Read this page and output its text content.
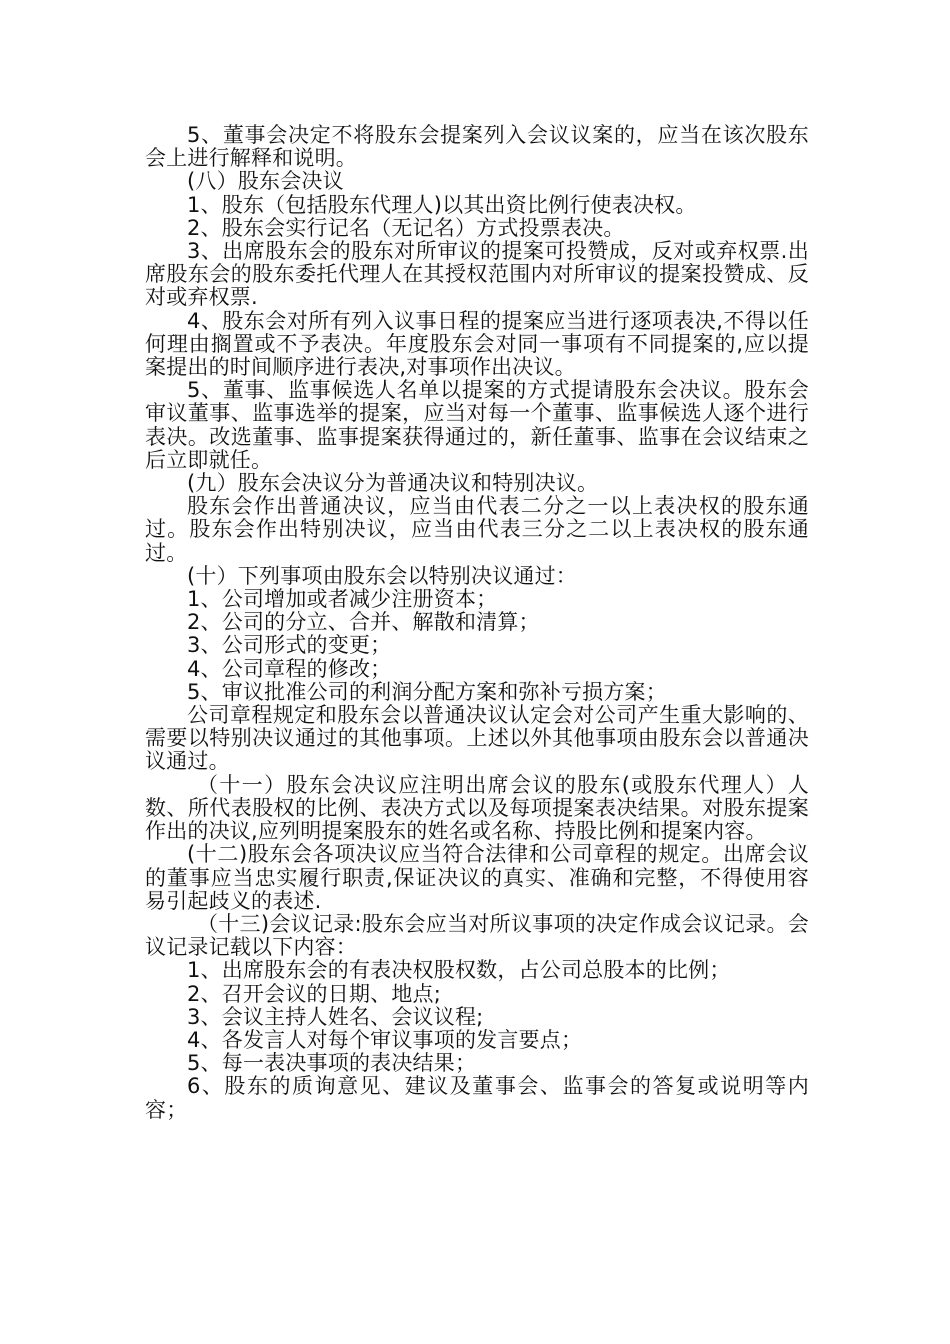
5、董事会决定不将股东会提案列入会议议案的，应当在该次股东会上进行解释和说明。

(八）股东会决议

1、股东（包括股东代理人)以其出资比例行使表决权。

2、股东会实行记名（无记名）方式投票表决。

3、出席股东会的股东对所审议的提案可投赞成，反对或弃权票.出席股东会的股东委托代理人在其授权范围内对所审议的提案投赞成、反对或弃权票.

4、股东会对所有列入议事日程的提案应当进行逐项表决,不得以任何理由搁置或不予表决。年度股东会对同一事项有不同提案的,应以提案提出的时间顺序进行表决,对事项作出决议。

5、董事、监事候选人名单以提案的方式提请股东会决议。股东会审议董事、监事选举的提案，应当对每一个董事、监事候选人逐个进行表决。改选董事、监事提案获得通过的，新任董事、监事在会议结束之后立即就任。

(九）股东会决议分为普通决议和特别决议。

股东会作出普通决议，应当由代表二分之一以上表决权的股东通过。股东会作出特别决议，应当由代表三分之二以上表决权的股东通过。

(十）下列事项由股东会以特别决议通过：

1、公司增加或者减少注册资本；

2、公司的分立、合并、解散和清算；

3、公司形式的变更；

4、公司章程的修改；

5、审议批准公司的利润分配方案和弥补亏损方案；

公司章程规定和股东会以普通决议认定会对公司产生重大影响的、需要以特别决议通过的其他事项。上述以外其他事项由股东会以普通决议通过。

（十一）股东会决议应注明出席会议的股东(或股东代理人）人数、所代表股权的比例、表决方式以及每项提案表决结果。对股东提案作出的决议,应列明提案股东的姓名或名称、持股比例和提案内容。

(十二)股东会各项决议应当符合法律和公司章程的规定。出席会议的董事应当忠实履行职责,保证决议的真实、准确和完整，不得使用容易引起歧义的表述.

（十三)会议记录:股东会应当对所议事项的决定作成会议记录。会议记录记载以下内容：

1、出席股东会的有表决权股权数，占公司总股本的比例；

2、召开会议的日期、地点;

3、会议主持人姓名、会议议程;

4、各发言人对每个审议事项的发言要点；

5、每一表决事项的表决结果；

6、股东的质询意见、建议及董事会、监事会的答复或说明等内容；
